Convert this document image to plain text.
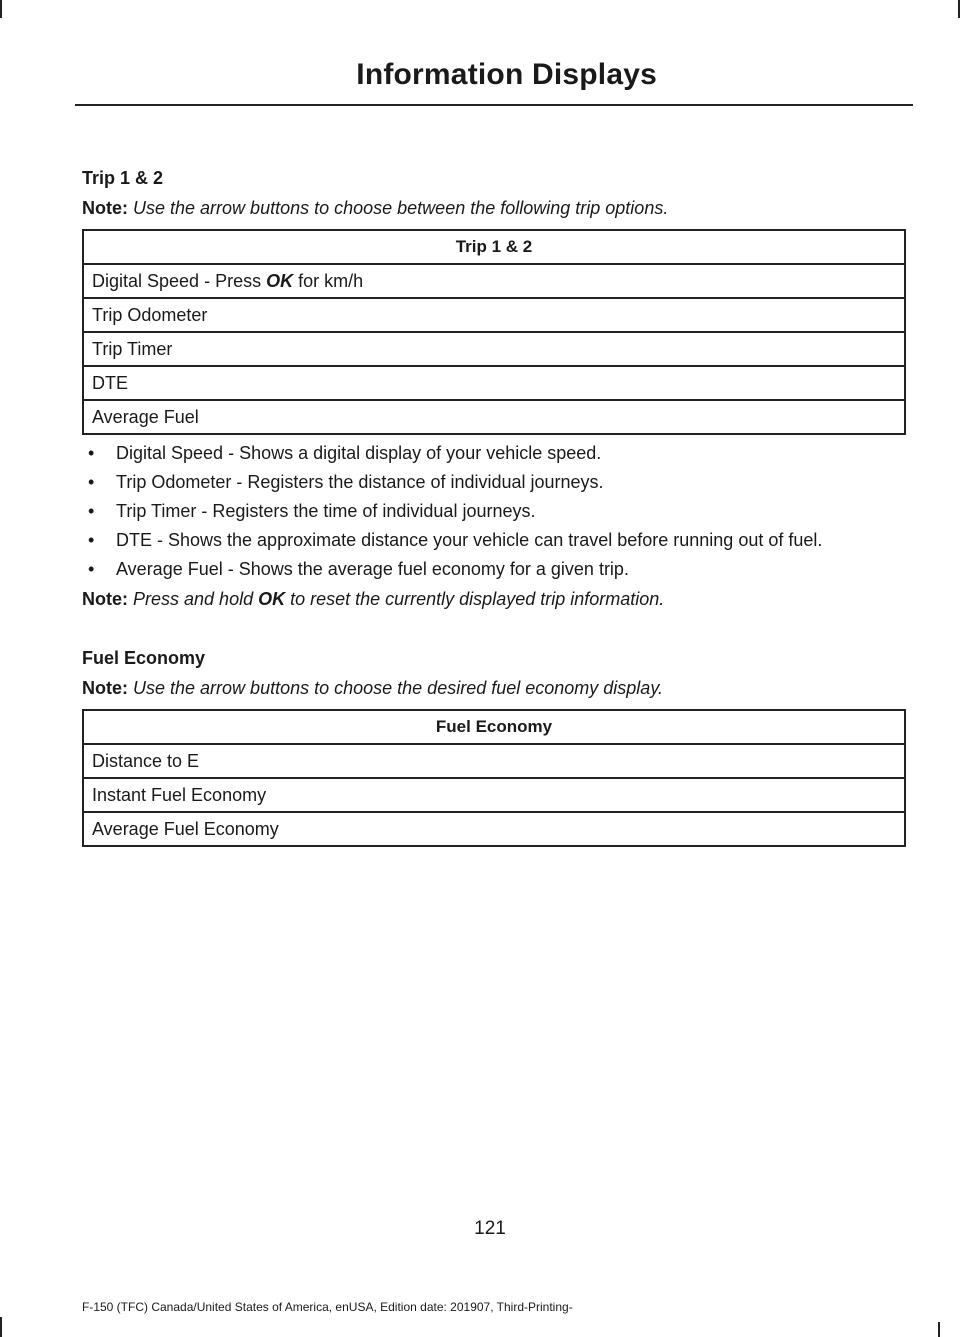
Information Displays
Trip 1 & 2

Note: Use the arrow buttons to choose between the following trip options.

Trip 1 & 2
Digital Speed - Press OK for km/h
Trip Odometer
Trip Timer
DTE
Average Fuel
• Digital Speed - Shows a digital display of your vehicle speed.
• Trip Odometer - Registers the distance of individual journeys.
• Trip Timer - Registers the time of individual journeys.
• DTE - Shows the approximate distance your vehicle can travel before running out of fuel.
• Average Fuel - Shows the average fuel economy for a given trip.

Note: Press and hold OK to reset the currently displayed trip information.

Fuel Economy

Note: Use the arrow buttons to choose the desired fuel economy display.

Fuel Economy
Distance to E
Instant Fuel Economy
Average Fuel Economy
121
F-150 (TFC) Canada/United States of America, enUSA, Edition date: 201907, Third-Printing-
